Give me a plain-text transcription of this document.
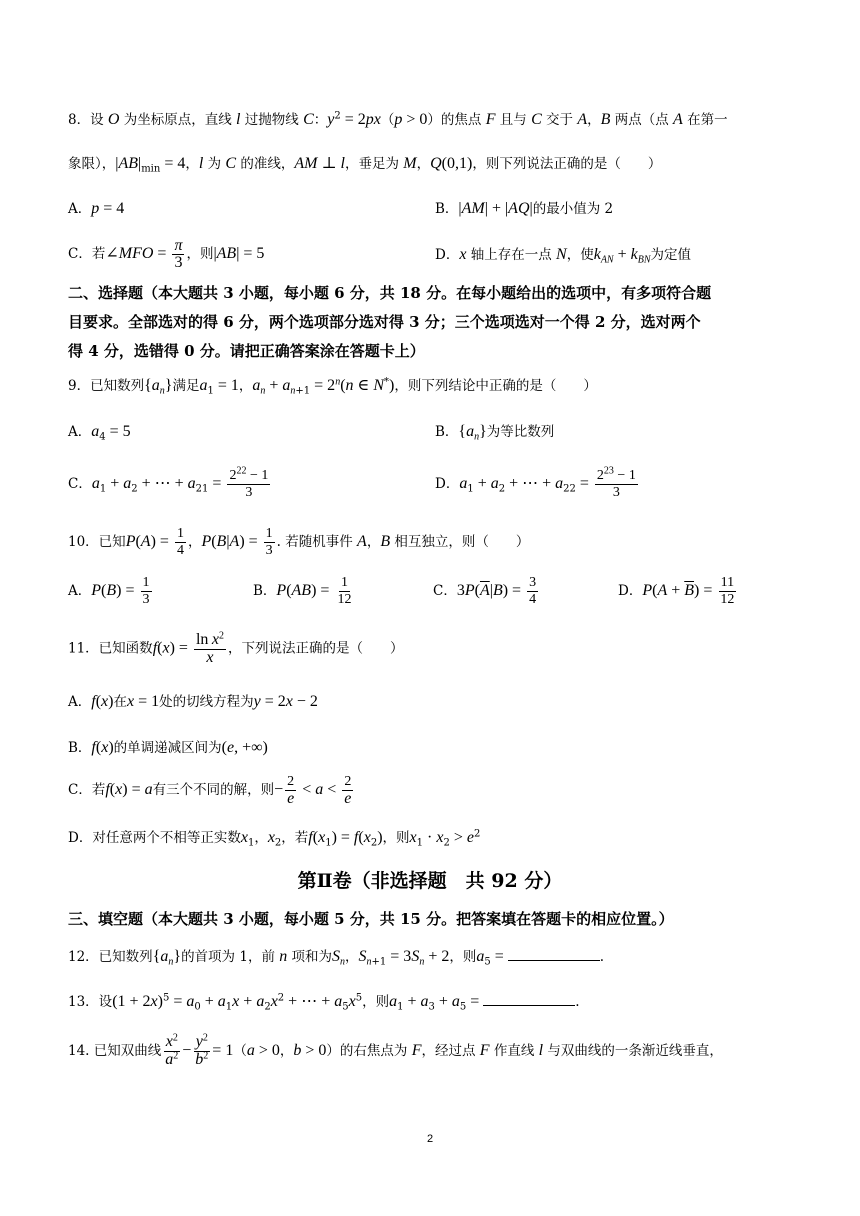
8．设 O 为坐标原点，直线 l 过抛物线 C：$y^2 = 2px(p > 0)$的焦点 F 且与 C 交于 A，B 两点（点 A 在第一
象限），$|AB|_{min} = 4$，l 为 C 的准线，AM ⊥ l，垂足为 M，Q(0,1)，则下列说法正确的是（　　）
A．p = 4	B．|AM| + |AQ|的最小值为 2
C．若∠MFO = $\frac{\pi}{3}$ ，则|AB| = 5	D．x 轴上存在一点 N，使$k_{AN} + k_{BN}$为定值
二、选择题（本大题共 3 小题，每小题 6 分，共 18 分。在每小题给出的选项中，有多项符合题
目要求。全部选对的得 6 分，两个选项部分选对得 3 分；三个选项选对一个得 2 分，选对两个
得 4 分，选错得 0 分。请把正确答案涂在答题卡上）
9．已知数列$\{a_n\}$满足$a_1 = 1$，$a_n + a_{n+1} = 2^n(n$ ∈ N*)，则下列结论中正确的是（　　）
A．$a_4 = 5$	B．$\{a_n\}$为等比数列
C．$a_1 + a_2$ + ⋯ + $a_{21} = \frac{2^{22} - 1}{3}$	D．$a_1 + a_2$ + ⋯ + $a_{22} = \frac{2^{23} - 1}{3}$
10．已知$P(A) = \frac{1}{4}$ ，$P(B|A) = \frac{1}{3}$ . 若随机事件 A，B 相互独立，则（　　）
A．$P(B) = \frac{1}{3}$	B．$P(AB) = \frac{1}{12}$	C．$3P(\overline{A}|B) = \frac{3}{4}$	D．$P(A + \overline{B}) = \frac{11}{12}$
11．已知函数$f(x) = \frac{\ln x^2}{x}$ ，下列说法正确的是（　　）
A．f(x)在x = 1处的切线方程为y = 2x − 2
B．f(x)的单调递减区间为(e, +∞)
C．若f(x) = a有三个不同的解，则− $\frac{2}{e} < a < \frac{2}{e}$
D．对任意两个不相等正实数$x_1$，$x_2$，若$f(x_1) = f(x_2)$，则$x_1 \cdot x_2 > e^2$
第Ⅱ卷（非选择题　共 92 分）
三、填空题（本大题共 3 小题，每小题 5 分，共 15 分。把答案填在答题卡的相应位置。）
12．已知数列$\{a_n\}$的首项为 1，前 n 项和为$S_n$，$S_{n+1} = 3S_n + 2$，则$a_5$ =	.
13．设$(1 + 2x)^5 = a_0 + a_1x + a_2x^2$ + ⋯ + $a_5x^5$，则$a_1 + a_3 + a_5$ =	.
14. 已知双曲线 $\frac{x^2}{a^2} - \frac{y^2}{b^2} = 1(a > 0$，b > 0）的右焦点为 F，经过点 F 作直线 l 与双曲线的一条渐近线垂直，
2
